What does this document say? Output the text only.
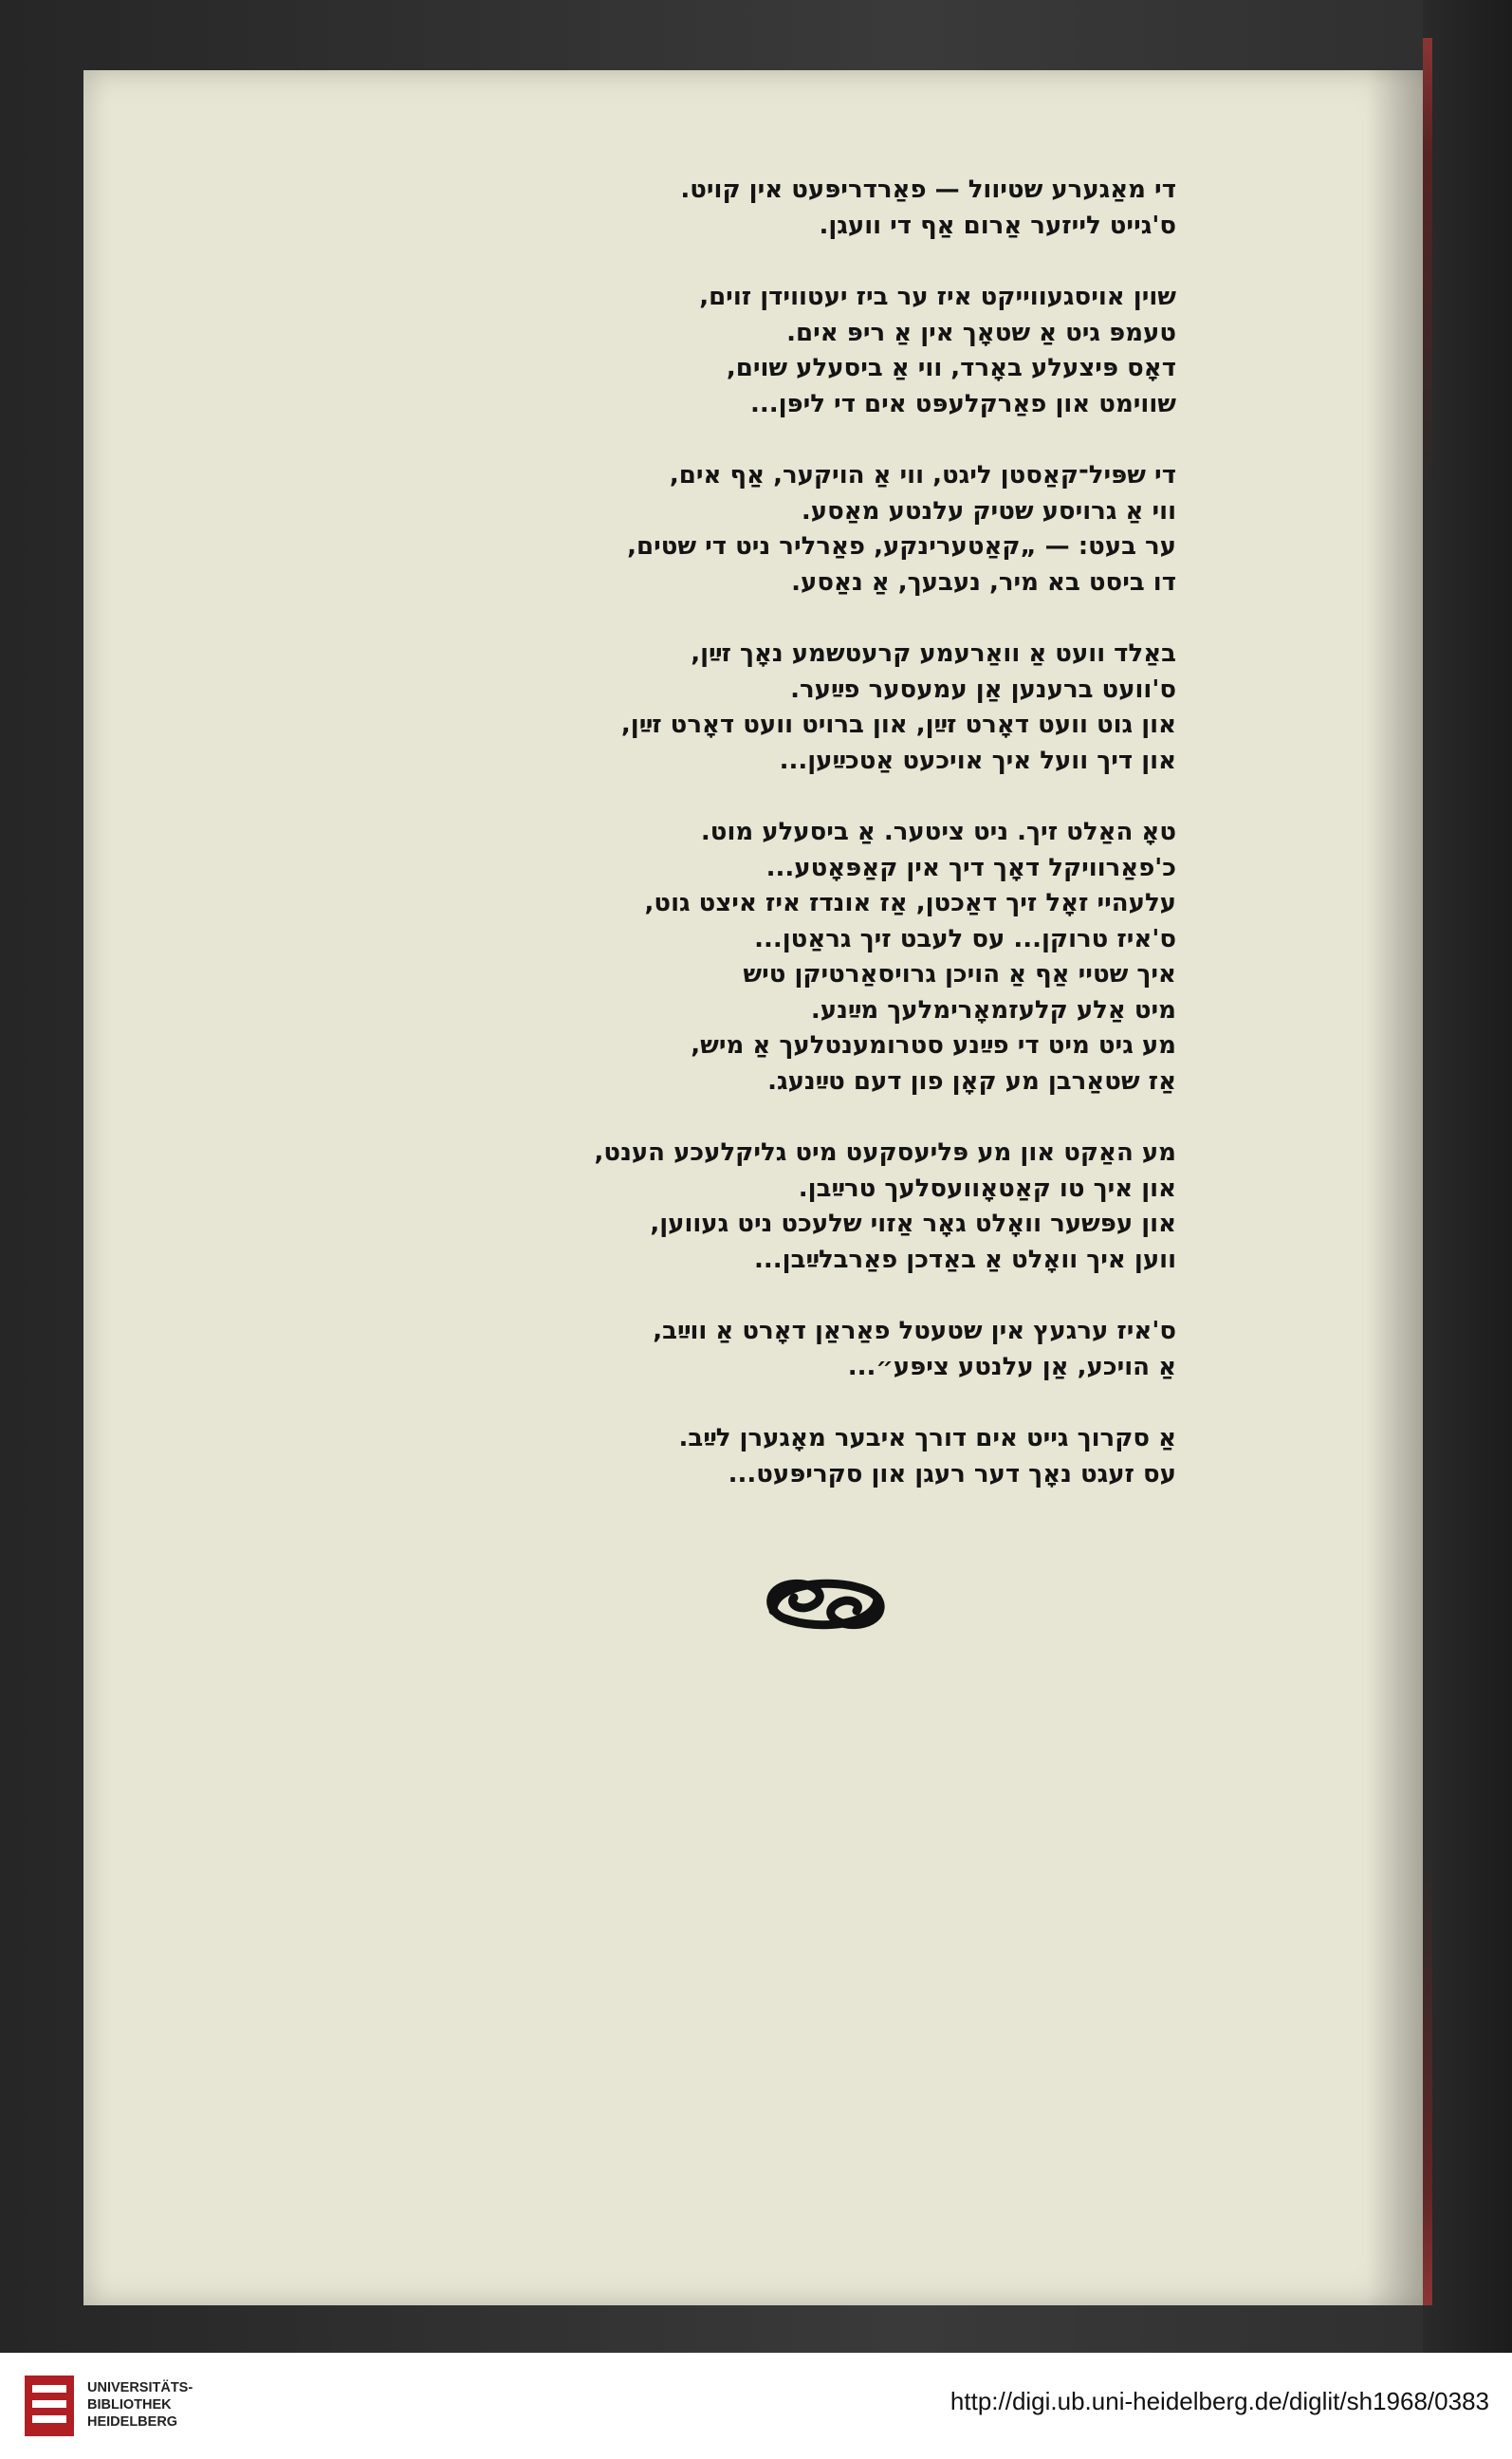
די מאַגערע שטיוול — פאַרדריפּעט אין קויט.
ס'גייט לייזער אַרום אַף די וועגן.
שוין אויסגעווייקט איז ער ביז יעטווידן זוים,
טעמפּ גיט אַ שטאָך אין אַ ריפּ אים.
דאָס פּיצעלע באָרד, ווי אַ ביסעלע שוים,
שווימט און פאַרקלעפּט אים די ליפּן...
די שפּיל־קאַסטן ליגט, ווי אַ הויקער, אַף אים,
ווי אַ גרויסע שטיק עלנטע מאַסע.
ער בעט: — „קאַטערינקע, פאַרליר ניט די שטים,
דו ביסט בא מיר, נעבעך, אַ נאַסע.
באַלד וועט אַ וואַרעמע קרעטשמע נאָך זײַן,
ס'וועט ברענען אַן עמעסער פײַער.
און גוט וועט דאָרט זײַן, און ברויט וועט דאָרט זײַן,
און דיך וועל איך אויכעט אַטכײַען...
טאָ האַלט זיך. ניט ציטער. אַ ביסעלע מוט.
כ'פאַרוויקל דאָך דיך אין קאַפּאָטע...
עלעהיי זאָל זיך דאַכטן, אַז אונדז איז איצט גוט,
ס'איז טרוקן... עס לעבט זיך גראַטן...
איך שטיי אַף אַ הויכן גרויסאַרטיקן טיש
מיט אַלע קלעזמאָרימלעך מײַנע.
מע גיט מיט די פײַנע סטרומענטלעך אַ מיש,
אַז שטאַרבן מע קאָן פון דעם טײַנעג.
מע האַקט און מע פּליעסקעט מיט גליקלעכע הענט,
און איך טו קאַטאָוועסלעך טרײַבן.
און עפּשער וואָלט גאָר אַזוי שלעכט ניט געווען,
ווען איך וואָלט אַ באַדכן פאַרבלײַבן...
ס'איז ערגעץ אין שטעטל פאַראַן דאָרט אַ ווײַב,
אַ הויכע, אַן עלנטע ציפּע״...
אַ סקרוך גייט אים דורך איבער מאָגערן לײַב.
עס זעגט נאָך דער רעגן און סקריפּעט...
UNIVERSITÄTS-
BIBLIOTHEK
HEIDELBERG
http://digi.ub.uni-heidelberg.de/diglit/sh1968/0383
